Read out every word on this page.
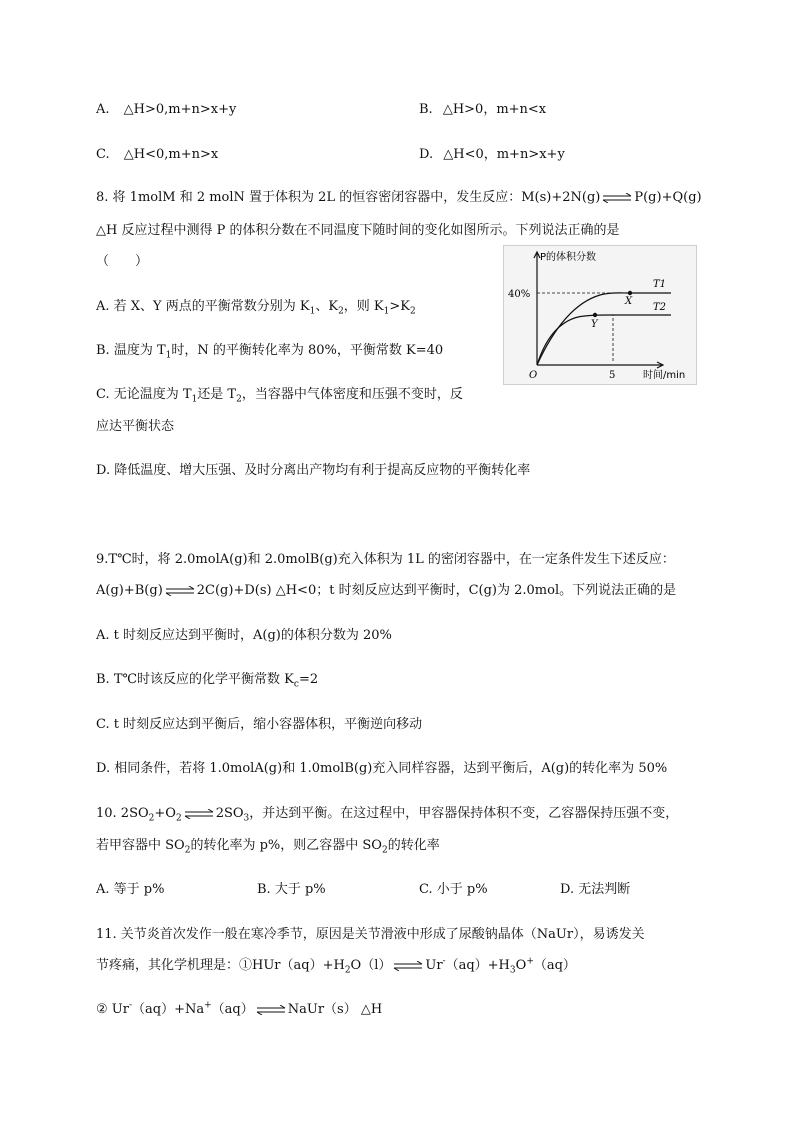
A. △H>0,m+n>x+y	B. △H>0，m+n<x
C. △H<0,m+n>x	D. △H<0，m+n>x+y
8. 将 1molM 和 2 molN 置于体积为 2L 的恒容密闭容器中，发生反应：M(s)+2N(g) ⇌ P(g)+Q(g)
△H 反应过程中测得 P 的体积分数在不同温度下随时间的变化如图所示。下列说法正确的是
（　　）
A. 若 X、Y 两点的平衡常数分别为 $K_1$、$K_2$，则 $K_1>K_2$
B. 温度为 $T_1$时，N 的平衡转化率为 80%，平衡常数 K=40
C. 无论温度为 $T_1$还是 $T_2$，当容器中气体密度和压强不变时，反
应达平衡状态
D. 降低温度、增大压强、及时分离出产物均有利于提高反应物的平衡转化率
P的体积分数
40%
O	5	时间/min
X
Y
T1
T2
9.T℃时，将 2.0molA(g)和 2.0molB(g)充入体积为 1L 的密闭容器中，在一定条件发生下述反应：
A(g)+B(g) ⇌ 2C(g)+D(s) △H<0；t 时刻反应达到平衡时，C(g)为 2.0mol。下列说法正确的是
A. t 时刻反应达到平衡时，A(g)的体积分数为 20%
B. T℃时该反应的化学平衡常数 $K_c=2$
C. t 时刻反应达到平衡后，缩小容器体积，平衡逆向移动
D. 相同条件，若将 1.0molA(g)和 1.0molB(g)充入同样容器，达到平衡后，A(g)的转化率为 50%
10. $2SO_2+O_2$ ⇌ $2SO_3$，并达到平衡。在这过程中，甲容器保持体积不变，乙容器保持压强不变，
若甲容器中 $SO_2$的转化率为 p%，则乙容器中 $SO_2$的转化率
A. 等于 p%	B. 大于 p%	C. 小于 p%	D. 无法判断
11. 关节炎首次发作一般在寒冷季节，原因是关节滑液中形成了尿酸钠晶体（NaUr），易诱发关
节疼痛，其化学机理是：$①HUr(aq)+H_2O(l)$ ⇌ $Ur^-(aq)+H_3O^+(aq)$
② Ur-（aq）+Na+（aq） ⇌ NaUr（s） △H
